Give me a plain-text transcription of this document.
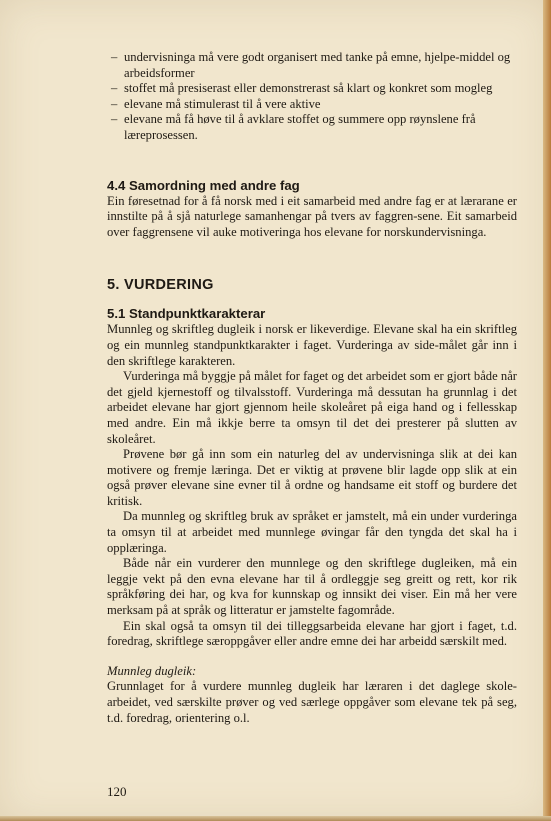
– undervisninga må vere godt organisert med tanke på emne, hjelpe-middel og arbeidsformer
– stoffet må presiserast eller demonstrerast så klart og konkret som mogleg
– elevane må stimulerast til å vere aktive
– elevane må få høve til å avklare stoffet og summere opp røynslene frå læreprosessen.
4.4 Samordning med andre fag

Ein føresetnad for å få norsk med i eit samarbeid med andre fag er at lærarane er innstilte på å sjå naturlege samanhengar på tvers av faggren-sene. Eit samarbeid over faggrensene vil auke motiveringa hos elevane for norskundervisninga.

5. VURDERING
5.1 Standpunktkarakterar

Munnleg og skriftleg dugleik i norsk er likeverdige. Elevane skal ha ein skriftleg og ein munnleg standpunktkarakter i faget. Vurderinga av side-målet går inn i den skriftlege karakteren.

Vurderinga må byggje på målet for faget og det arbeidet som er gjort både når det gjeld kjernestoff og tilvalsstoff. Vurderinga må dessutan ha grunnlag i det arbeidet elevane har gjort gjennom heile skoleåret på eiga hand og i fellesskap med andre. Ein må ikkje berre ta omsyn til det dei presterer på slutten av skoleåret.

Prøvene bør gå inn som ein naturleg del av undervisninga slik at dei kan motivere og fremje læringa. Det er viktig at prøvene blir lagde opp slik at ein også prøver elevane sine evner til å ordne og handsame eit stoff og burdere det kritisk.

Da munnleg og skriftleg bruk av språket er jamstelt, må ein under vurderinga ta omsyn til at arbeidet med munnlege øvingar får den tyngda det skal ha i opplæringa.

Både når ein vurderer den munnlege og den skriftlege dugleiken, må ein leggje vekt på den evna elevane har til å ordleggje seg greitt og rett, kor rik språkføring dei har, og kva for kunnskap og innsikt dei viser. Ein må her vere merksam på at språk og litteratur er jamstelte fagområde.

Ein skal også ta omsyn til dei tilleggsarbeida elevane har gjort i faget, t.d. foredrag, skriftlege særoppgåver eller andre emne dei har arbeidd særskilt med.

Munnleg dugleik:

Grunnlaget for å vurdere munnleg dugleik har læraren i det daglege skole-arbeidet, ved særskilte prøver og ved særlege oppgåver som elevane tek på seg, t.d. foredrag, orientering o.l.

120
